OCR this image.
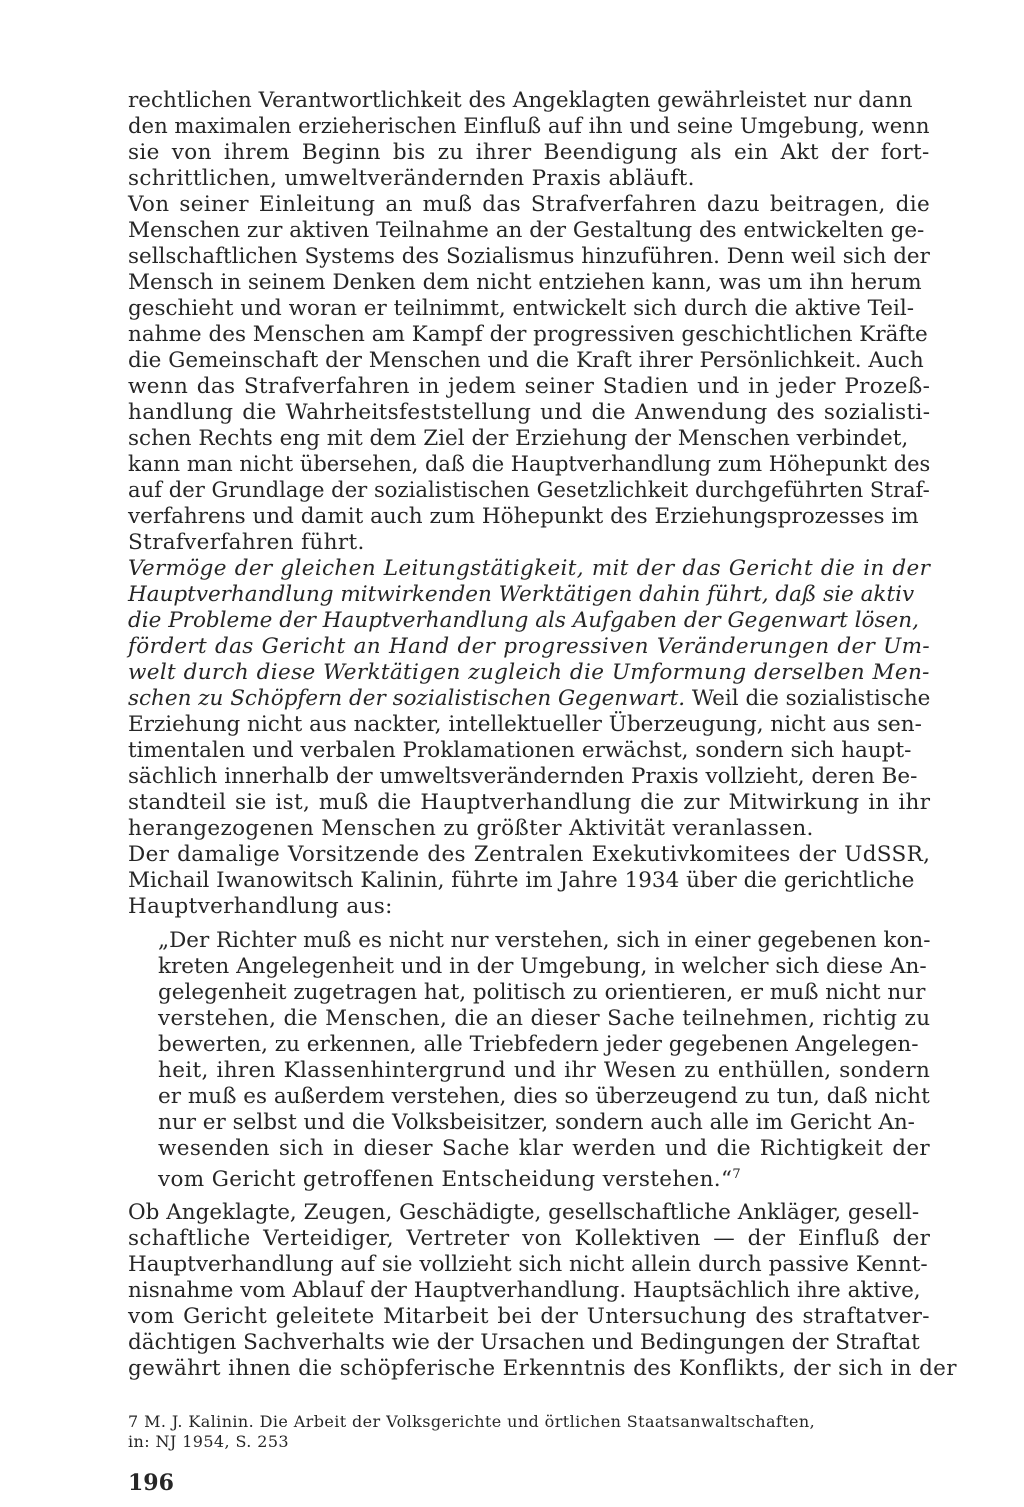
rechtlichen Verantwortlichkeit des Angeklagten gewährleistet nur dann
den maximalen erzieherischen Einfluß auf ihn und seine Umgebung, wenn
sie von ihrem Beginn bis zu ihrer Beendigung als ein Akt der fort-
schrittlichen, umweltverändernden Praxis abläuft.
Von seiner Einleitung an muß das Strafverfahren dazu beitragen, die
Menschen zur aktiven Teilnahme an der Gestaltung des entwickelten ge-
sellschaftlichen Systems des Sozialismus hinzuführen. Denn weil sich der
Mensch in seinem Denken dem nicht entziehen kann, was um ihn herum
geschieht und woran er teilnimmt, entwickelt sich durch die aktive Teil-
nahme des Menschen am Kampf der progressiven geschichtlichen Kräfte
die Gemeinschaft der Menschen und die Kraft ihrer Persönlichkeit. Auch
wenn das Strafverfahren in jedem seiner Stadien und in jeder Prozeß-
handlung die Wahrheitsfeststellung und die Anwendung des sozialisti-
schen Rechts eng mit dem Ziel der Erziehung der Menschen verbindet,
kann man nicht übersehen, daß die Hauptverhandlung zum Höhepunkt des
auf der Grundlage der sozialistischen Gesetzlichkeit durchgeführten Straf-
verfahrens und damit auch zum Höhepunkt des Erziehungsprozesses im
Strafverfahren führt.
Vermöge der gleichen Leitungstätigkeit, mit der das Gericht die in der
Hauptverhandlung mitwirkenden Werktätigen dahin führt, daß sie aktiv
die Probleme der Hauptverhandlung als Aufgaben der Gegenwart lösen,
fördert das Gericht an Hand der progressiven Veränderungen der Um-
welt durch diese Werktätigen zugleich die Umformung derselben Men-
schen zu Schöpfern der sozialistischen Gegenwart. Weil die sozialistische
Erziehung nicht aus nackter, intellektueller Überzeugung, nicht aus sen-
timentalen und verbalen Proklamationen erwächst, sondern sich haupt-
sächlich innerhalb der umweltsverändernden Praxis vollzieht, deren Be-
standteil sie ist, muß die Hauptverhandlung die zur Mitwirkung in ihr
herangezogenen Menschen zu größter Aktivität veranlassen.
Der damalige Vorsitzende des Zentralen Exekutivkomitees der UdSSR,
Michail Iwanowitsch Kalinin, führte im Jahre 1934 über die gerichtliche
Hauptverhandlung aus:
„Der Richter muß es nicht nur verstehen, sich in einer gegebenen kon-
kreten Angelegenheit und in der Umgebung, in welcher sich diese An-
gelegenheit zugetragen hat, politisch zu orientieren, er muß nicht nur
verstehen, die Menschen, die an dieser Sache teilnehmen, richtig zu
bewerten, zu erkennen, alle Triebfedern jeder gegebenen Angelegen-
heit, ihren Klassenhintergrund und ihr Wesen zu enthüllen, sondern
er muß es außerdem verstehen, dies so überzeugend zu tun, daß nicht
nur er selbst und die Volksbeisitzer, sondern auch alle im Gericht An-
wesenden sich in dieser Sache klar werden und die Richtigkeit der
vom Gericht getroffenen Entscheidung verstehen.“$^7$
Ob Angeklagte, Zeugen, Geschädigte, gesellschaftliche Ankläger, gesell-
schaftliche Verteidiger, Vertreter von Kollektiven — der Einfluß der
Hauptverhandlung auf sie vollzieht sich nicht allein durch passive Kennt-
nisnahme vom Ablauf der Hauptverhandlung. Hauptsächlich ihre aktive,
vom Gericht geleitete Mitarbeit bei der Untersuchung des straftatver-
dächtigen Sachverhalts wie der Ursachen und Bedingungen der Straftat
gewährt ihnen die schöpferische Erkenntnis des Konflikts, der sich in der
7 M. J. Kalinin. Die Arbeit der Volksgerichte und örtlichen Staatsanwaltschaften,
in: NJ 1954, S. 253
196
